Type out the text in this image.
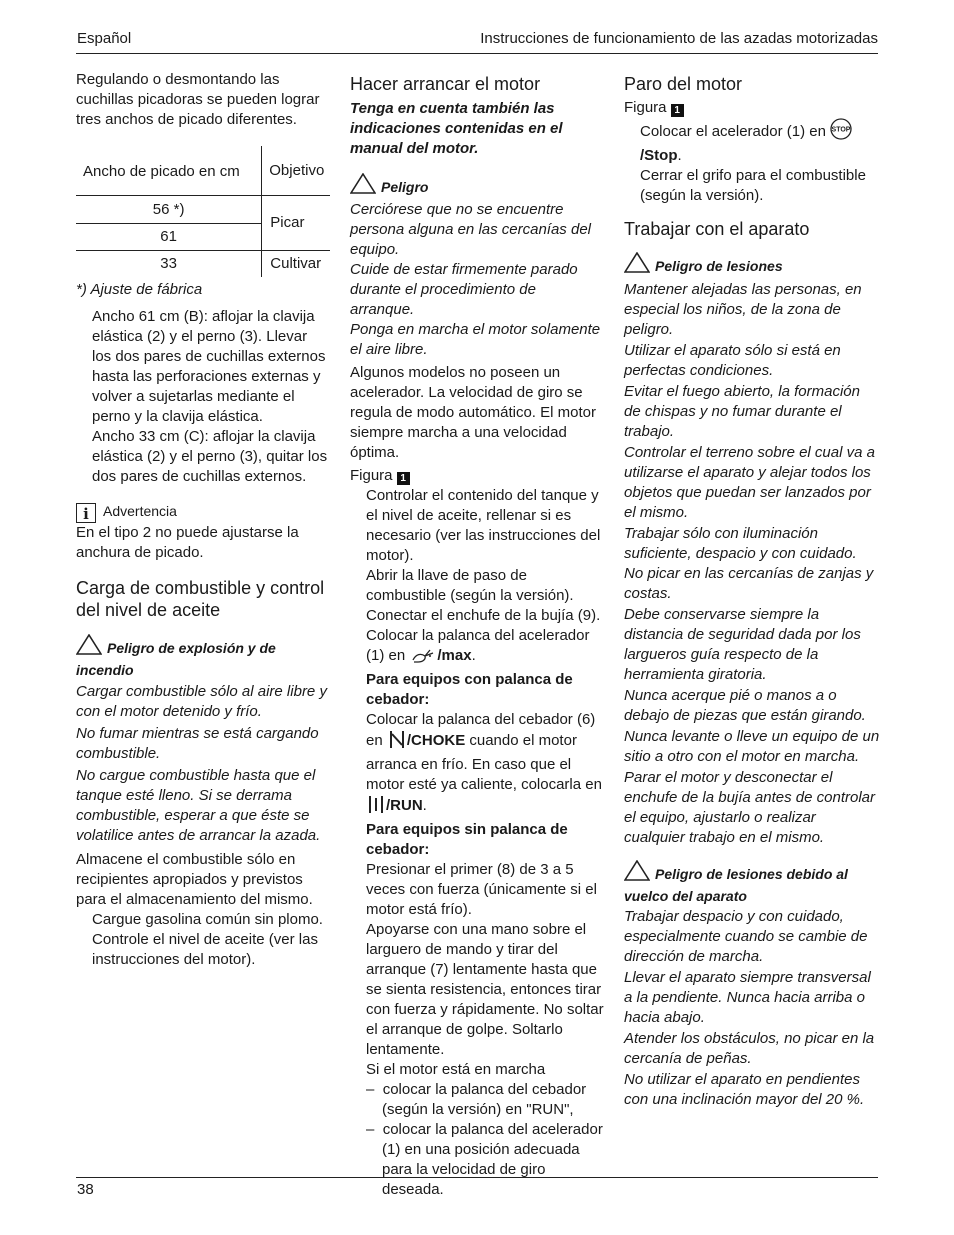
Español	Instrucciones de funcionamiento de las azadas motorizadas

Regulando o desmontando las cuchillas picadoras se pueden lograr tres anchos de picado diferentes.

Ancho de picado en cm	Objetivo
56 *)	Picar
61	
33	Cultivar

*) Ajuste de fábrica

Ancho 61 cm (B): aflojar la clavija elástica (2) y el perno (3). Llevar los dos pares de cuchillas externos hasta las perforaciones externas y volver a sujetarlas mediante el perno y la clavija elástica.

Ancho 33 cm (C): aflojar la clavija elástica (2) y el perno (3), quitar los dos pares de cuchillas externos.

i Advertencia

En el tipo 2 no puede ajustarse la anchura de picado.

Carga de combustible y control del nivel de aceite

Peligro de explosión y de incendio

Cargar combustible sólo al aire libre y con el motor detenido y frío.

No fumar mientras se está cargando combustible.

No cargue combustible hasta que el tanque esté lleno. Si se derrama combustible, esperar a que éste se volatilice antes de arrancar la azada.

Almacene el combustible sólo en recipientes apropiados y previstos para el almacenamiento del mismo.

Cargue gasolina común sin plomo.

Controle el nivel de aceite (ver las instrucciones del motor).

Hacer arrancar el motor

Tenga en cuenta también las indicaciones contenidas en el manual del motor.

Peligro

Cerciórese que no se encuentre persona alguna en las cercanías del equipo.

Cuide de estar firmemente parado durante el procedimiento de arranque.

Ponga en marcha el motor solamente el aire libre.

Algunos modelos no poseen un acelerador. La velocidad de giro se regula de modo automático. El motor siempre marcha a una velocidad óptima.

Figura 1

Controlar el contenido del tanque y el nivel de aceite, rellenar si es necesario (ver las instrucciones del motor).

Abrir la llave de paso de combustible (según la versión).

Conectar el enchufe de la bujía (9).

Colocar la palanca del acelerador (1) en /max.

Para equipos con palanca de cebador:

Colocar la palanca del cebador (6) en /CHOKE cuando el motor arranca en frío. En caso que el motor esté ya caliente, colocarla en /RUN.

Para equipos sin palanca de cebador:

Presionar el primer (8) de 3 a 5 veces con fuerza (únicamente si el motor está frío).

Apoyarse con una mano sobre el larguero de mando y tirar del arranque (7) lentamente hasta que se sienta resistencia, entonces tirar con fuerza y rápidamente. No soltar el arranque de golpe. Soltarlo lentamente.

Si el motor está en marcha

–  colocar la palanca del cebador (según la versión) en "RUN",

–  colocar la palanca del acelerador (1) en una posición adecuada para la velocidad de giro deseada.

Paro del motor

Figura 1

Colocar el acelerador (1) en STOP
/Stop.

Cerrar el grifo para el combustible (según la versión).

Trabajar con el aparato

Peligro de lesiones

Mantener alejadas las personas, en especial los niños, de la zona de peligro.

Utilizar el aparato sólo si está en perfectas condiciones.

Evitar el fuego abierto, la formación de chispas y no fumar durante el trabajo.

Controlar el terreno sobre el cual va a utilizarse el aparato y alejar todos los objetos que puedan ser lanzados por el mismo.

Trabajar sólo con iluminación suficiente, despacio y con cuidado.

No picar en las cercanías de zanjas y costas.

Debe conservarse siempre la distancia de seguridad dada por los largueros guía respecto de la herramienta giratoria.

Nunca acerque pié o manos a o debajo de piezas que están girando.

Nunca levante o lleve un equipo de un sitio a otro con el motor en marcha.

Parar el motor y desconectar el enchufe de la bujía antes de controlar el equipo, ajustarlo o realizar cualquier trabajo en el mismo.

Peligro de lesiones debido al vuelco del aparato

Trabajar despacio y con cuidado, especialmente cuando se cambie de dirección de marcha.

Llevar el aparato siempre transversal a la pendiente. Nunca hacia arriba o hacia abajo.

Atender los obstáculos, no picar en la cercanía de peñas.

No utilizar el aparato en pendientes con una inclinación mayor del 20 %.

38
